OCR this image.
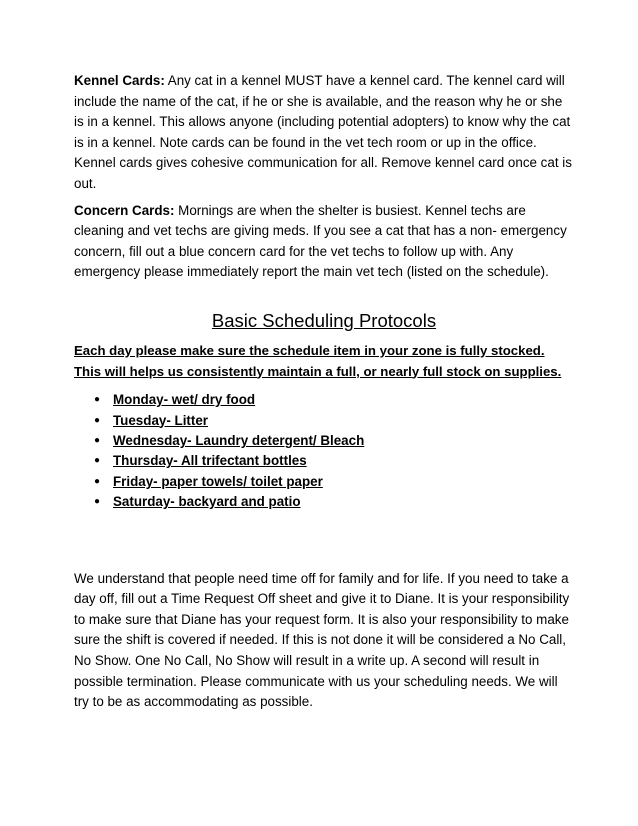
Kennel Cards: Any cat in a kennel MUST have a kennel card. The kennel card will include the name of the cat, if he or she is available, and the reason why he or she is in a kennel. This allows anyone (including potential adopters) to know why the cat is in a kennel. Note cards can be found in the vet tech room or up in the office. Kennel cards gives cohesive communication for all. Remove kennel card once cat is out.

Concern Cards: Mornings are when the shelter is busiest. Kennel techs are cleaning and vet techs are giving meds. If you see a cat that has a non- emergency concern, fill out a blue concern card for the vet techs to follow up with. Any emergency please immediately report the main vet tech (listed on the schedule).

Basic Scheduling Protocols

Each day please make sure the schedule item in your zone is fully stocked. This will helps us consistently maintain a full, or nearly full stock on supplies.

● Monday- wet/ dry food
● Tuesday- Litter
● Wednesday- Laundry detergent/ Bleach
● Thursday- All trifectant bottles
● Friday- paper towels/ toilet paper
● Saturday- backyard and patio

We understand that people need time off for family and for life. If you need to take a day off, fill out a Time Request Off sheet and give it to Diane. It is your responsibility to make sure that Diane has your request form. It is also your responsibility to make sure the shift is covered if needed. If this is not done it will be considered a No Call, No Show. One No Call, No Show will result in a write up. A second will result in possible termination. Please communicate with us your scheduling needs. We will try to be as accommodating as possible.
